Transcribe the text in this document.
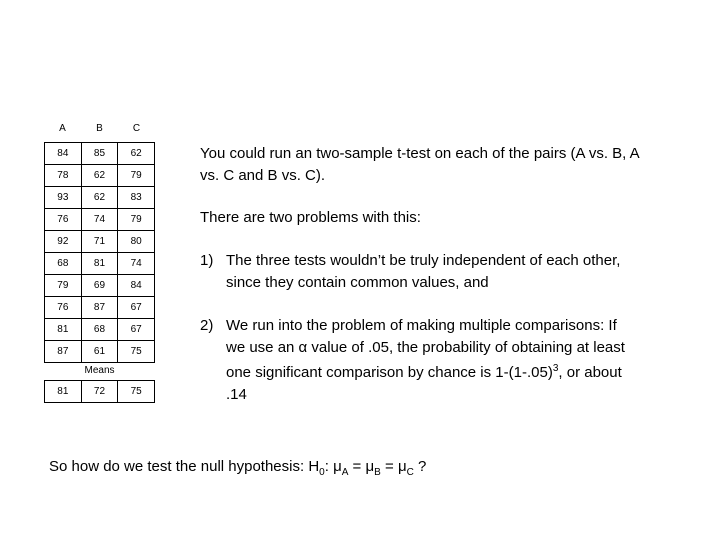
A	B	C
84	85	62
78	62	79
93	62	83
76	74	79
92	71	80
68	81	74
79	69	84
76	87	67
81	68	67
87	61	75
Means
81	72	75
You could run an two-sample t-test on each of the pairs (A vs. B, A vs. C and B vs. C).
There are two problems with this:
1) The three tests wouldn’t be truly independent of each other, since they contain common values, and
2) We run into the problem of making multiple comparisons: If we use an α value of .05, the probability of obtaining at least one significant comparison by chance is $1-(1-.05)^3$, or about .14
So how do we test the null hypothesis: $H_0$: $\mu_A = \mu_B = \mu_C$ ?
